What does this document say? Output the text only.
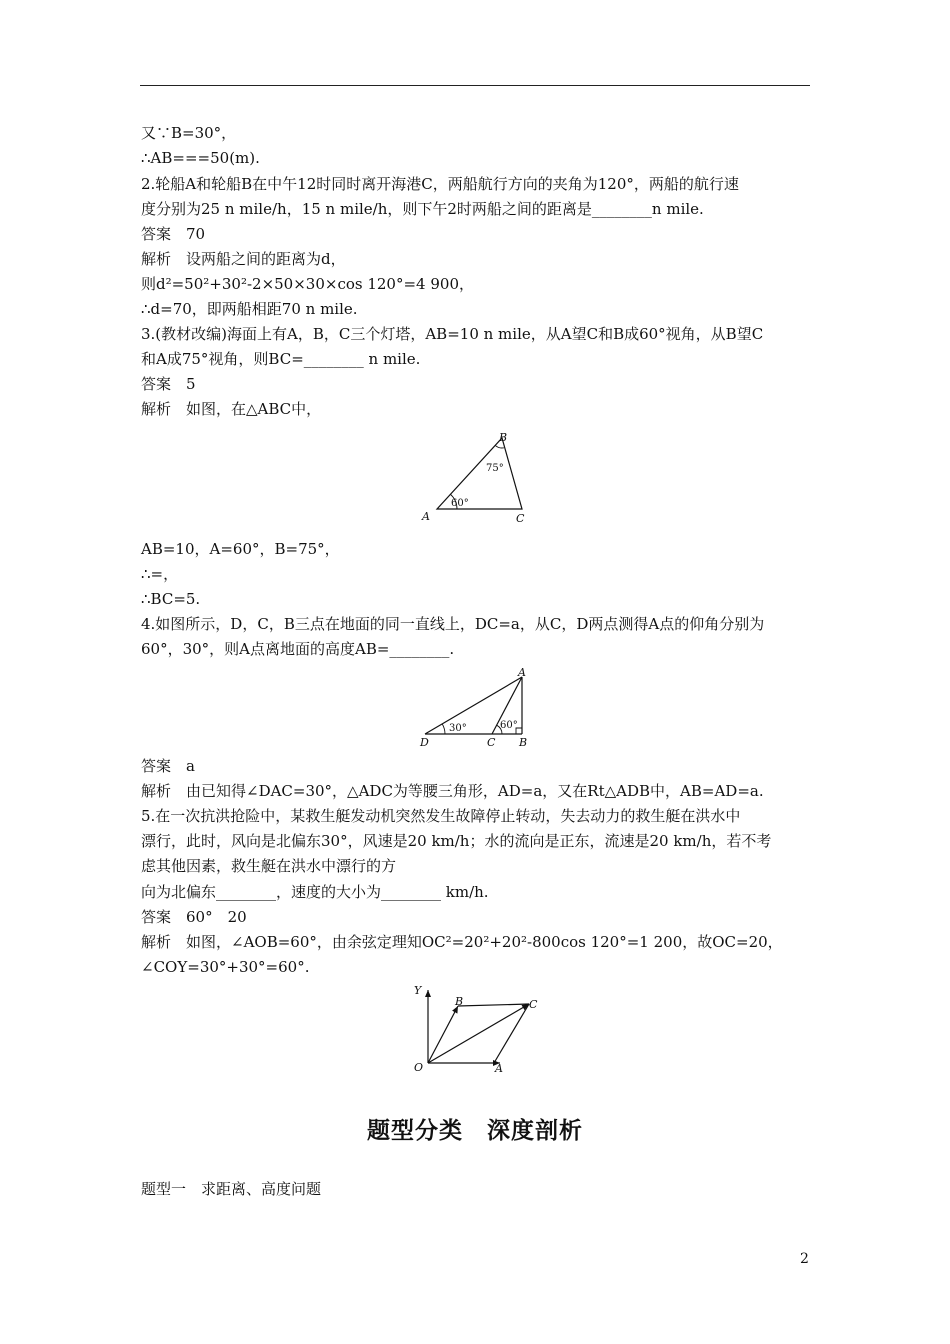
又∵B=30°，
∴AB===50(m).
2.轮船A和轮船B在中午12时同时离开海港C，两船航行方向的夹角为120°，两船的航行速
度分别为25 n mile/h，15 n mile/h，则下午2时两船之间的距离是________n mile.
答案　70
解析　设两船之间的距离为d，
则d²=50²+30²-2×50×30×cos 120°=4 900，
∴d=70，即两船相距70 n mile.
3.(教材改编)海面上有A，B，C三个灯塔，AB=10 n mile，从A望C和B成60°视角，从B望C
和A成75°视角，则BC=________ n mile.
答案　5
解析　如图，在△ABC中，
A
B
C
60°
75°
AB=10，A=60°，B=75°，
∴=，
∴BC=5.
4.如图所示，D，C，B三点在地面的同一直线上，DC=a，从C，D两点测得A点的仰角分别为
60°，30°，则A点离地面的高度AB=________.
A
D	C B
30°	60°
答案　a
解析　由已知得∠DAC=30°，△ADC为等腰三角形，AD=a，又在Rt△ADB中，AB=AD=a.
5.在一次抗洪抢险中，某救生艇发动机突然发生故障停止转动，失去动力的救生艇在洪水中
漂行，此时，风向是北偏东30°，风速是20 km/h；水的流向是正东，流速是20 km/h，若不考
虑其他因素，救生艇在洪水中漂行的方
向为北偏东________，速度的大小为________ km/h.
答案　60°　20
解析　如图，∠AOB=60°，由余弦定理知OC²=20²+20²-800cos 120°=1 200，故OC=20，
∠COY=30°+30°=60°.
Y
O	A
B	C
题型分类　深度剖析
题型一　求距离、高度问题
2
